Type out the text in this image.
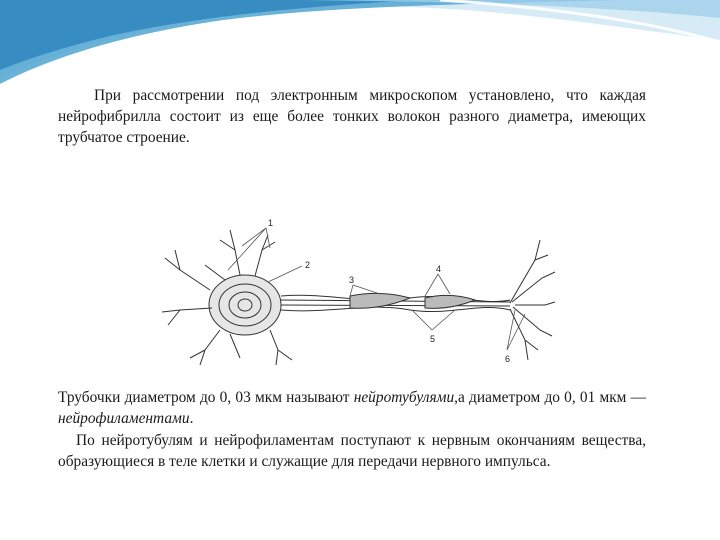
При рассмотрении под электронным микроскопом установлено, что каждая нейрофибрилла состоит из еще более тонких волокон разного диаметра, имеющих трубчатое строение.

1
2
3
4
5
6

Трубочки диаметром до 0, 03 мкм называют нейротубулями,а диаметром до 0, 01 мкм — нейрофиламентами.

По нейротубулям и нейрофиламентам поступают к нервным окончаниям вещества, образующиеся в теле клетки и служащие для передачи нервного импульса.
